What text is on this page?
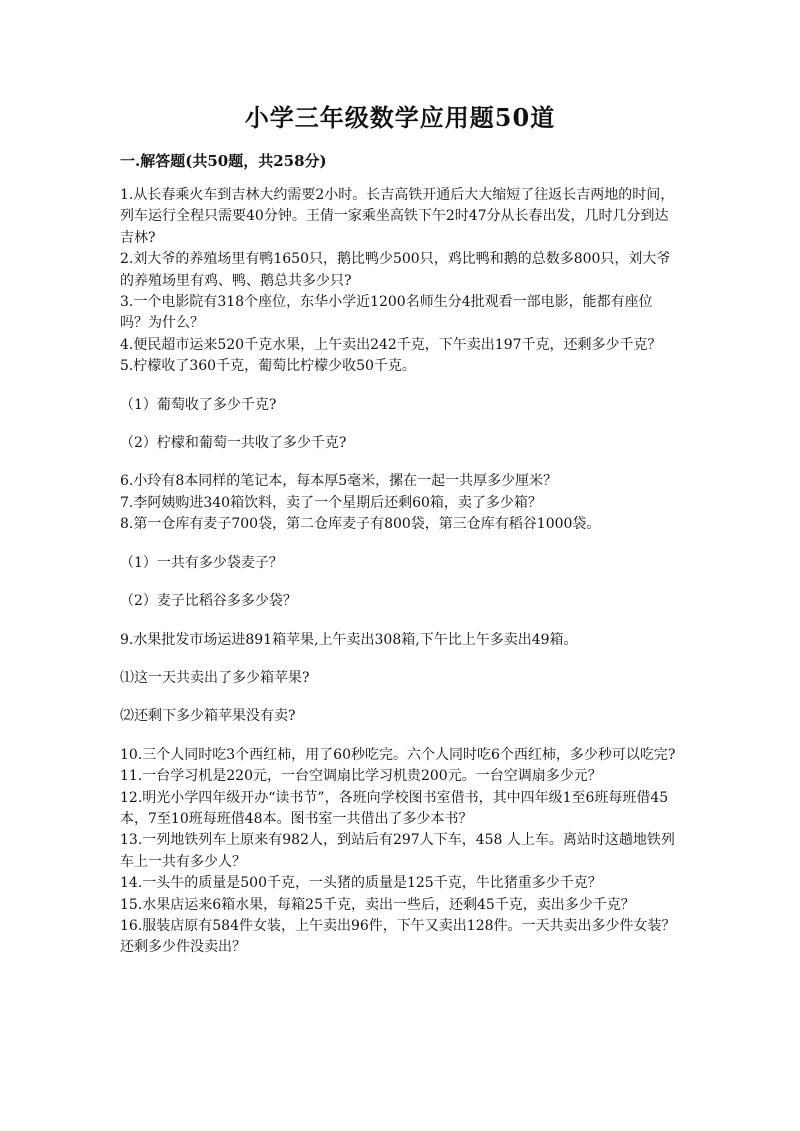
小学三年级数学应用题50道
一.解答题(共50题，共258分)

1.从长春乘火车到吉林大约需要2小时。长吉高铁开通后大大缩短了往返长吉两地的时间，列车运行全程只需要40分钟。王倩一家乘坐高铁下午2时47分从长春出发，几时几分到达吉林?

2.刘大爷的养殖场里有鸭1650只，鹅比鸭少500只，鸡比鸭和鹅的总数多800只，刘大爷的养殖场里有鸡、鸭、鹅总共多少只?

3.一个电影院有318个座位，东华小学近1200名师生分4批观看一部电影，能都有座位吗？为什么？

4.便民超市运来520千克水果，上午卖出242千克，下午卖出197千克，还剩多少千克？

5.柠檬收了360千克，葡萄比柠檬少收50千克。

（1）葡萄收了多少千克?

（2）柠檬和葡萄一共收了多少千克?

6.小玲有8本同样的笔记本，每本厚5毫米，摞在一起一共厚多少厘米？

7.李阿姨购进340箱饮料，卖了一个星期后还剩60箱，卖了多少箱？

8.第一仓库有麦子700袋，第二仓库麦子有800袋，第三仓库有稻谷1000袋。

（1）一共有多少袋麦子？

（2）麦子比稻谷多多少袋？

9.水果批发市场运进891箱苹果,上午卖出308箱,下午比上午多卖出49箱。

⑴这一天共卖出了多少箱苹果?

⑵还剩下多少箱苹果没有卖?

10.三个人同时吃3个西红柿，用了60秒吃完。六个人同时吃6个西红柿，多少秒可以吃完?

11.一台学习机是220元，一台空调扇比学习机贵200元。一台空调扇多少元？

12.明光小学四年级开办“读书节”，各班向学校图书室借书，其中四年级1至6班每班借45本，7至10班每班借48本。图书室一共借出了多少本书？

13.一列地铁列车上原来有982人，到站后有297人下车，458 人上车。离站时这趟地铁列车上一共有多少人？

14.一头牛的质量是500千克，一头猪的质量是125千克，牛比猪重多少千克？

15.水果店运来6箱水果，每箱25千克，卖出一些后，还剩45千克，卖出多少千克？

16.服装店原有584件女装，上午卖出96件，下午又卖出128件。一天共卖出多少件女装？还剩多少件没卖出？
